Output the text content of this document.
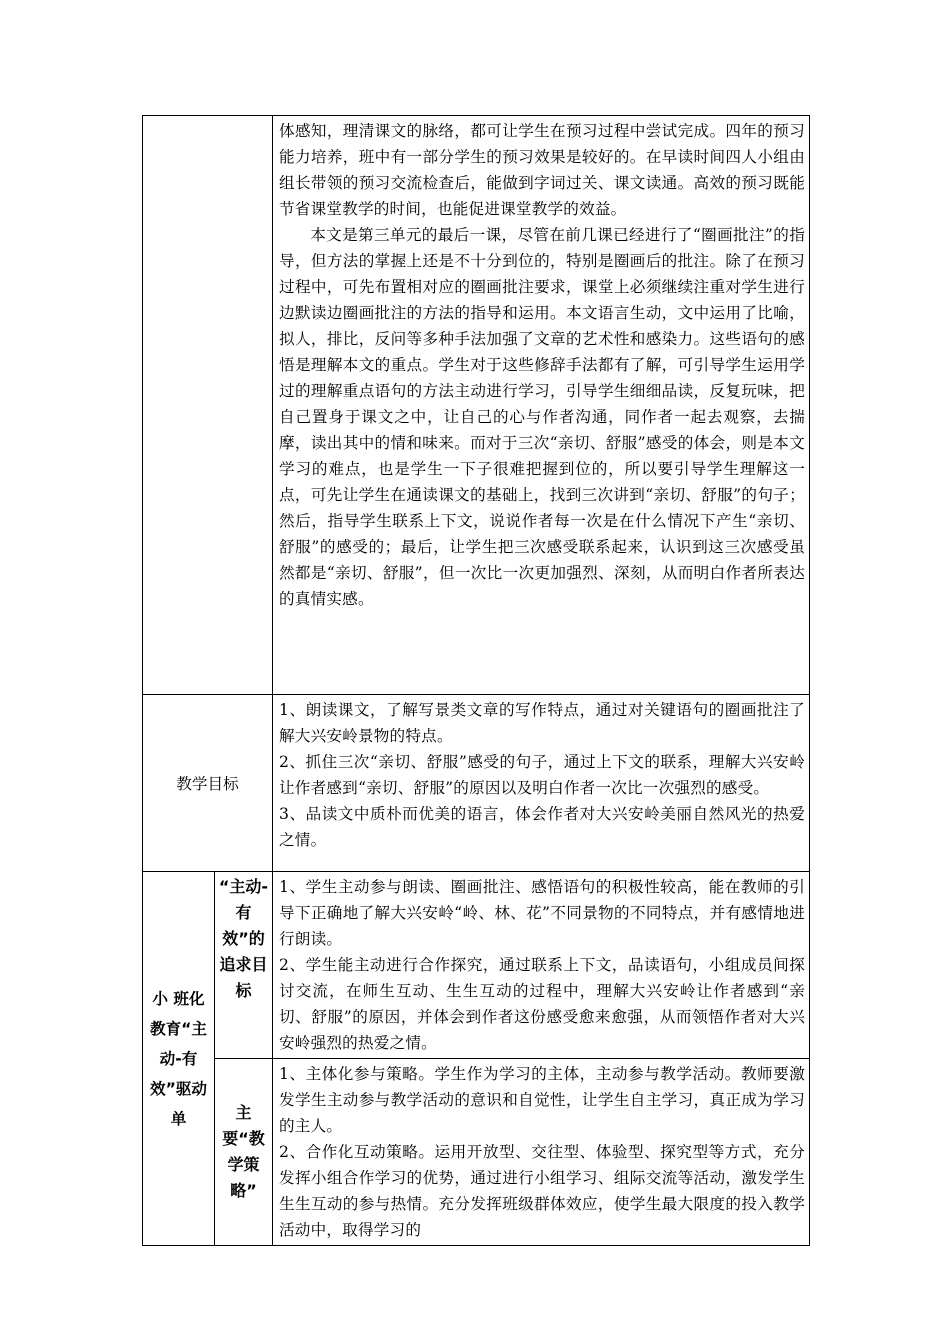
		体感知，理清课文的脉络，都可让学生在预习过程中尝试完成。四年的预习能力培养，班中有一部分学生的预习效果是较好的。在早读时间四人小组由组长带领的预习交流检查后，能做到字词过关、课文读通。高效的预习既能节省课堂教学的时间，也能促进课堂教学的效益。

本文是第三单元的最后一课，尽管在前几课已经进行了“圈画批注”的指导，但方法的掌握上还是不十分到位的，特别是圈画后的批注。除了在预习过程中，可先布置相对应的圈画批注要求，课堂上必须继续注重对学生进行边默读边圈画批注的方法的指导和运用。本文语言生动，文中运用了比喻，拟人，排比，反问等多种手法加强了文章的艺术性和感染力。这些语句的感悟是理解本文的重点。学生对于这些修辞手法都有了解，可引导学生运用学过的理解重点语句的方法主动进行学习，引导学生细细品读，反复玩味，把自己置身于课文之中，让自己的心与作者沟通，同作者一起去观察，去揣摩，读出其中的情和味来。而对于三次“亲切、舒服”感受的体会，则是本文学习的难点，也是学生一下子很难把握到位的，所以要引导学生理解这一点，可先让学生在通读课文的基础上，找到三次讲到“亲切、舒服”的句子；然后，指导学生联系上下文，说说作者每一次是在什么情况下产生“亲切、舒服”的感受的；最后，让学生把三次感受联系起来，认识到这三次感受虽然都是“亲切、舒服”，但一次比一次更加强烈、深刻，从而明白作者所表达的真情实感。

教学目标		1、朗读课文，了解写景类文章的写作特点，通过对关键语句的圈画批注了解大兴安岭景物的特点。

2、抓住三次“亲切、舒服”感受的句子，通过上下文的联系，理解大兴安岭让作者感到“亲切、舒服”的原因以及明白作者一次比一次强烈的感受。

3、品读文中质朴而优美的语言，体会作者对大兴安岭美丽自然风光的热爱之情。

小 班化教育“主动-有效”驱动单	“主动-有效”的追求目标	1、学生主动参与朗读、圈画批注、感悟语句的积极性较高，能在教师的引导下正确地了解大兴安岭“岭、林、花”不同景物的不同特点，并有感情地进行朗读。

2、学生能主动进行合作探究，通过联系上下文，品读语句，小组成员间探讨交流，在师生互动、生生互动的过程中，理解大兴安岭让作者感到“亲切、舒服”的原因，并体会到作者这份感受愈来愈强，从而领悟作者对大兴安岭强烈的热爱之情。

	主要“教学策略”	1、主体化参与策略。学生作为学习的主体，主动参与教学活动。教师要激发学生主动参与教学活动的意识和自觉性，让学生自主学习，真正成为学习的主人。

2、合作化互动策略。运用开放型、交往型、体验型、探究型等方式，充分发挥小组合作学习的优势，通过进行小组学习、组际交流等活动，激发学生生生互动的参与热情。充分发挥班级群体效应，使学生最大限度的投入教学活动中，取得学习的
